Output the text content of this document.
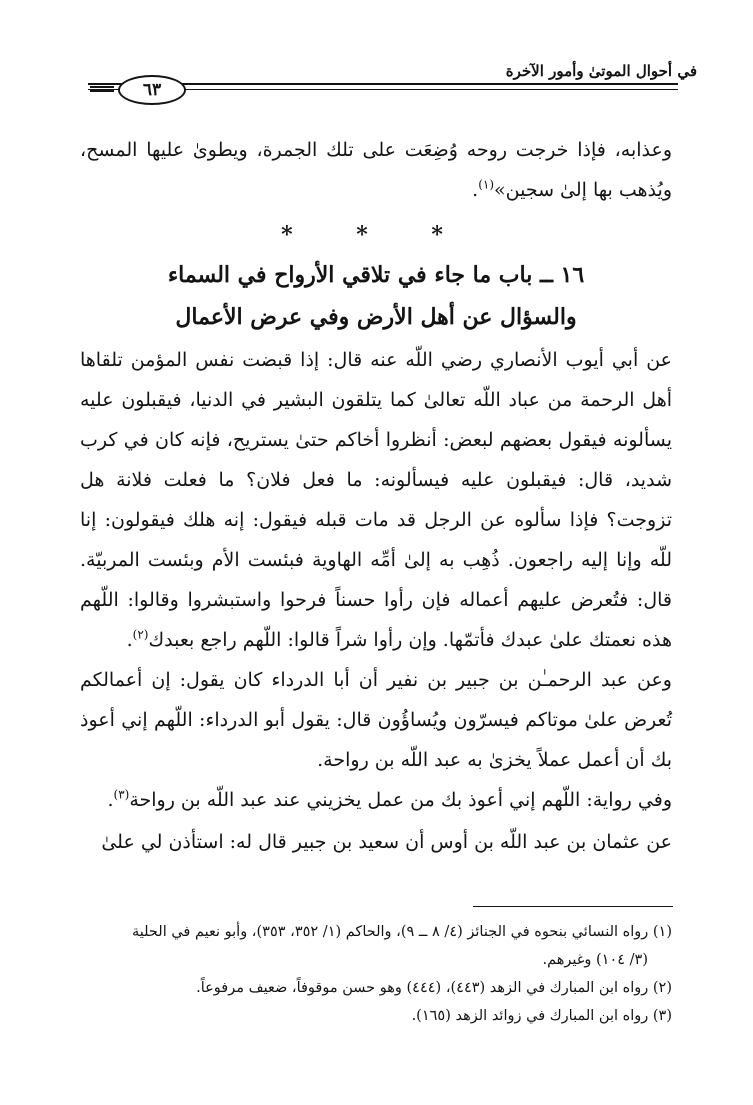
في أحوال الموتىٰ وأمور الآخرة
٦٣

وعذابه، فإذا خرجت روحه وُضِعَت على تلك الجمرة، ويطوىٰ عليها المسح، ويُذهب بها إلىٰ سجين»$^{(١)}$.

* * *
١٦ ــ باب ما جاء في تلاقي الأرواح في السماء
والسؤال عن أهل الأرض وفي عرض الأعمال

عن أبي أيوب الأنصاري رضي اللّه عنه قال: إذا قبضت نفس المؤمن تلقاها أهل الرحمة من عباد اللّه تعالىٰ كما يتلقون البشير في الدنيا، فيقبلون عليه يسألونه فيقول بعضهم لبعض: أنظروا أخاكم حتىٰ يستريح، فإنه كان في كرب شديد، قال: فيقبلون عليه فيسألونه: ما فعل فلان؟ ما فعلت فلانة هل تزوجت؟ فإذا سألوه عن الرجل قد مات قبله فيقول: إنه هلك فيقولون: إنا للّه وإنا إليه راجعون. ذُهِب به إلىٰ أمِّه الهاوية فبئست الأم وبئست المربيّة. قال: فتُعرض عليهم أعماله فإن رأوا حسناً فرحوا واستبشروا وقالوا: اللّهم هذه نعمتك علىٰ عبدك فأتمّها. وإن رأوا شراً قالوا: اللّهم راجع بعبدك$^{(٢)}$.

وعن عبد الرحمـٰن بن جبير بن نفير أن أبا الدرداء كان يقول: إن أعمالكم تُعرض علىٰ موتاكم فيسرّون ويُساؤُون قال: يقول أبو الدرداء: اللّهم إني أعوذ بك أن أعمل عملاً يخزىٰ به عبد اللّه بن رواحة.

وفي رواية: اللّهم إني أعوذ بك من عمل يخزيني عند عبد اللّه بن رواحة$^{(٣)}$.

عن عثمان بن عبد اللّه بن أوس أن سعيد بن جبير قال له: استأذن لي علىٰ

(١) رواه النسائي بنحوه في الجنائز (٤/ ٨ ــ ٩)، والحاكم (١/ ٣٥٢، ٣٥٣)، وأبو نعيم في الحلية

(٣/ ١٠٤) وغيرهم.

(٢) رواه ابن المبارك في الزهد (٤٤٣)، (٤٤٤) وهو حسن موقوفاً، ضعيف مرفوعاً.

(٣) رواه ابن المبارك في زوائد الزهد (١٦٥).
